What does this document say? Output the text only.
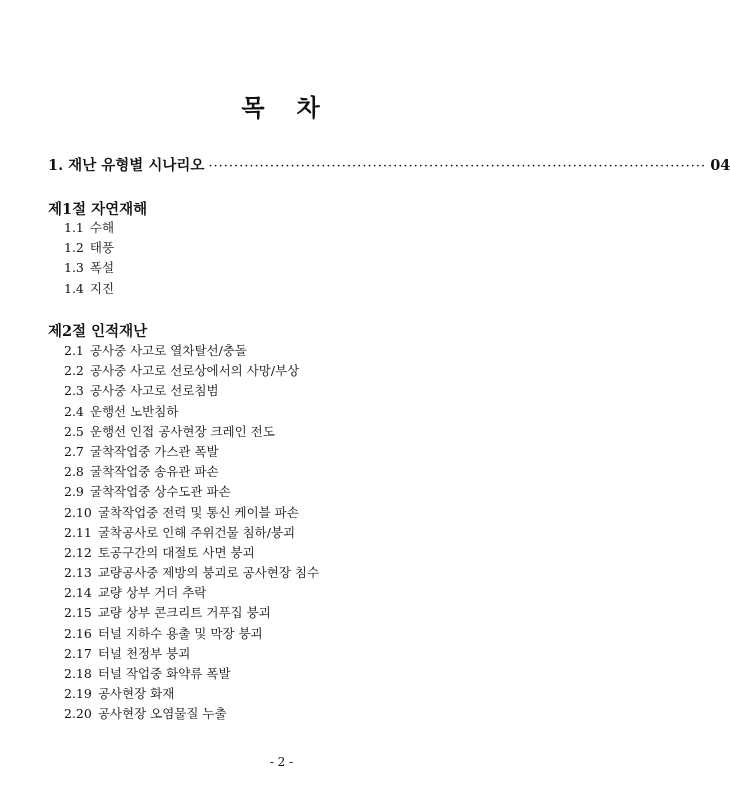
목 차
1. 재난 유형별 시나리오 ································································································· 04
제1절 자연재해
1.1 수해
1.2 태풍
1.3 폭설
1.4 지진
제2절 인적재난
2.1 공사중 사고로 열차탈선/충돌
2.2 공사중 사고로 선로상에서의 사망/부상
2.3 공사중 사고로 선로침범
2.4 운행선 노반침하
2.5 운행선 인접 공사현장 크레인 전도
2.7 굴착작업중 가스관 폭발
2.8 굴착작업중 송유관 파손
2.9 굴착작업중 상수도관 파손
2.10 굴착작업중 전력 및 통신 케이블 파손
2.11 굴착공사로 인해 주위건물 침하/붕괴
2.12 토공구간의 대절토 사면 붕괴
2.13 교량공사중 제방의 붕괴로 공사현장 침수
2.14 교량 상부 거더 추락
2.15 교량 상부 콘크리트 거푸집 붕괴
2.16 터널 지하수 용출 및 막장 붕괴
2.17 터널 천정부 붕괴
2.18 터널 작업중 화약류 폭발
2.19 공사현장 화재
2.20 공사현장 오염물질 누출
- 2 -
